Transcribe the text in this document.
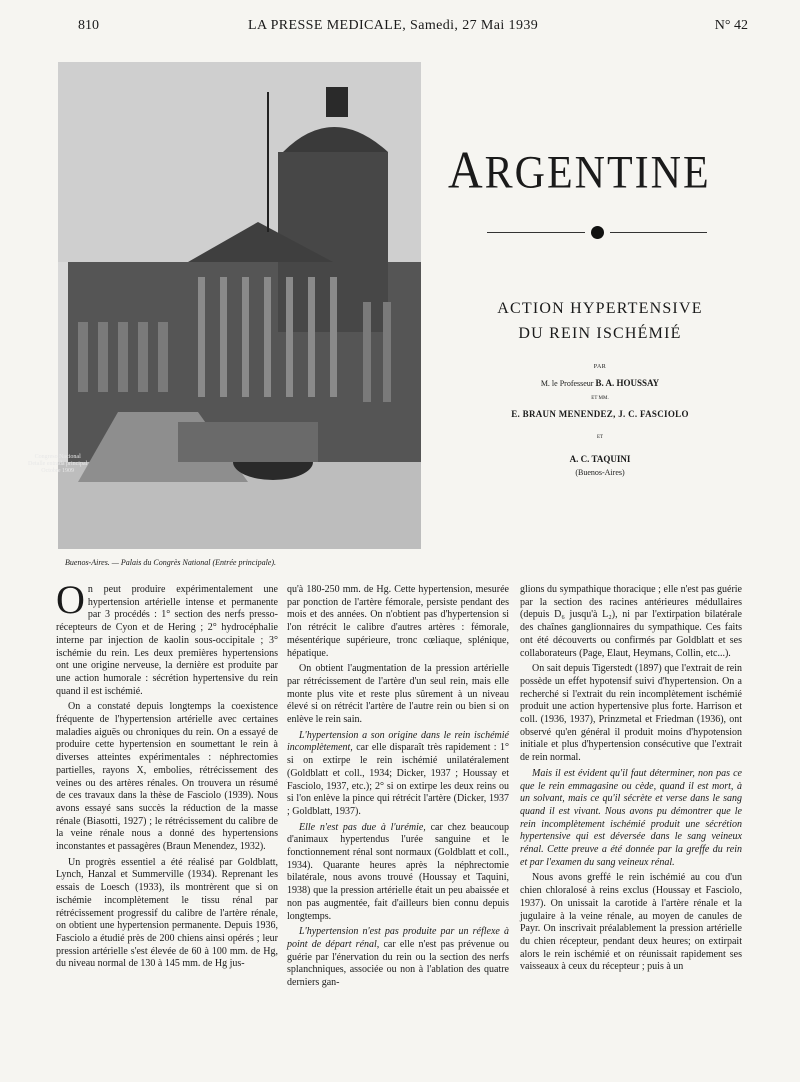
810	LA PRESSE MEDICALE, Samedi, 27 Mai 1939	N° 42
Congreso Nacional
Detalle entrada principal
Octobre 1909
Buenos-Aires. — Palais du Congrès National (Entrée principale).
ARGENTINE
ACTION HYPERTENSIVE
DU REIN ISCHÉMIÉ
PAR
M. le Professeur B. A. HOUSSAY
ET MM.
E. BRAUN MENENDEZ, J. C. FASCIOLO
ET
A. C. TAQUINI
(Buenos-Aires)

On peut produire expérimentalement une hypertension artérielle intense et permanente par 3 procédés : 1° section des nerfs presso-récepteurs de Cyon et de Hering ; 2° hydrocéphalie interne par injection de kaolin sous-occipitale ; 3° ischémie du rein. Les deux premières hypertensions ont une origine nerveuse, la dernière est produite par une action humorale : sécrétion hypertensive du rein quand il est ischémié.

On a constaté depuis longtemps la coexistence fréquente de l'hypertension artérielle avec certaines maladies aiguës ou chroniques du rein. On a essayé de produire cette hypertension en soumettant le rein à diverses atteintes expérimentales : néphrectomies partielles, rayons X, embolies, rétrécissement des veines ou des artères rénales. On trouvera un résumé de ces travaux dans la thèse de Fasciolo (1939). Nous avons essayé sans succès la réduction de la masse rénale (Biasotti, 1927) ; le rétrécissement du calibre de la veine rénale nous a donné des hypertensions inconstantes et passagères (Braun Menendez, 1932).

Un progrès essentiel a été réalisé par Goldblatt, Lynch, Hanzal et Summerville (1934). Reprenant les essais de Loesch (1933), ils montrèrent que si on ischémie incomplètement le tissu rénal par rétrécissement progressif du calibre de l'artère rénale, on obtient une hypertension permanente. Depuis 1936, Fasciolo a étudié près de 200 chiens ainsi opérés ; leur pression artérielle s'est élevée de 60 à 100 mm. de Hg, du niveau normal de 130 à 145 mm. de Hg jus-

qu'à 180-250 mm. de Hg. Cette hypertension, mesurée par ponction de l'artère fémorale, persiste pendant des mois et des années. On n'obtient pas d'hypertension si l'on rétrécit le calibre d'autres artères : fémorale, mésentérique supérieure, tronc cœliaque, splénique, hépatique.

On obtient l'augmentation de la pression artérielle par rétrécissement de l'artère d'un seul rein, mais elle monte plus vite et reste plus sûrement à un niveau élevé si on rétrécit l'artère de l'autre rein ou bien si on enlève le rein sain.

L'hypertension a son origine dans le rein ischémié incomplètement, car elle disparaît très rapidement : 1° si on extirpe le rein ischémié unilatéralement (Goldblatt et coll., 1934; Dicker, 1937 ; Houssay et Fasciolo, 1937, etc.); 2° si on extirpe les deux reins ou si l'on enlève la pince qui rétrécit l'artère (Dicker, 1937 ; Goldblatt, 1937).

Elle n'est pas due à l'urémie, car chez beaucoup d'animaux hypertendus l'urée sanguine et le fonctionnement rénal sont normaux (Goldblatt et coll., 1934). Quarante heures après la néphrectomie bilatérale, nous avons trouvé (Houssay et Taquini, 1938) que la pression artérielle était un peu abaissée et non pas augmentée, fait d'ailleurs bien connu depuis longtemps.

L'hypertension n'est pas produite par un réflexe à point de départ rénal, car elle n'est pas prévenue ou guérie par l'énervation du rein ou la section des nerfs splanchniques, associée ou non à l'ablation des quatre derniers gan-

glions du sympathique thoracique ; elle n'est pas guérie par la section des racines antérieures médullaires (depuis D₆ jusqu'à L₂), ni par l'extirpation bilatérale des chaînes ganglionnaires du sympathique. Ces faits ont été découverts ou confirmés par Goldblatt et ses collaborateurs (Page, Elaut, Heymans, Collin, etc...).

On sait depuis Tigerstedt (1897) que l'extrait de rein possède un effet hypotensif suivi d'hypertension. On a recherché si l'extrait du rein incomplètement ischémié produit une action hypertensive plus forte. Harrison et coll. (1936, 1937), Prinzmetal et Friedman (1936), ont observé qu'en général il produit moins d'hypotension initiale et plus d'hypertension consécutive que l'extrait de rein normal.

Mais il est évident qu'il faut déterminer, non pas ce que le rein emmagasine ou cède, quand il est mort, à un solvant, mais ce qu'il sécrète et verse dans le sang quand il est vivant. Nous avons pu démontrer que le rein incomplètement ischémié produit une sécrétion hypertensive qui est déversée dans le sang veineux rénal. Cette preuve a été donnée par la greffe du rein et par l'examen du sang veineux rénal.

Nous avons greffé le rein ischémié au cou d'un chien chloralosé à reins exclus (Houssay et Fasciolo, 1937). On unissait la carotide à l'artère rénale et la jugulaire à la veine rénale, au moyen de canules de Payr. On inscrivait préalablement la pression artérielle du chien récepteur, pendant deux heures; on extirpait alors le rein ischémié et on réunissait rapidement ses vaisseaux à ceux du récepteur ; puis à un
